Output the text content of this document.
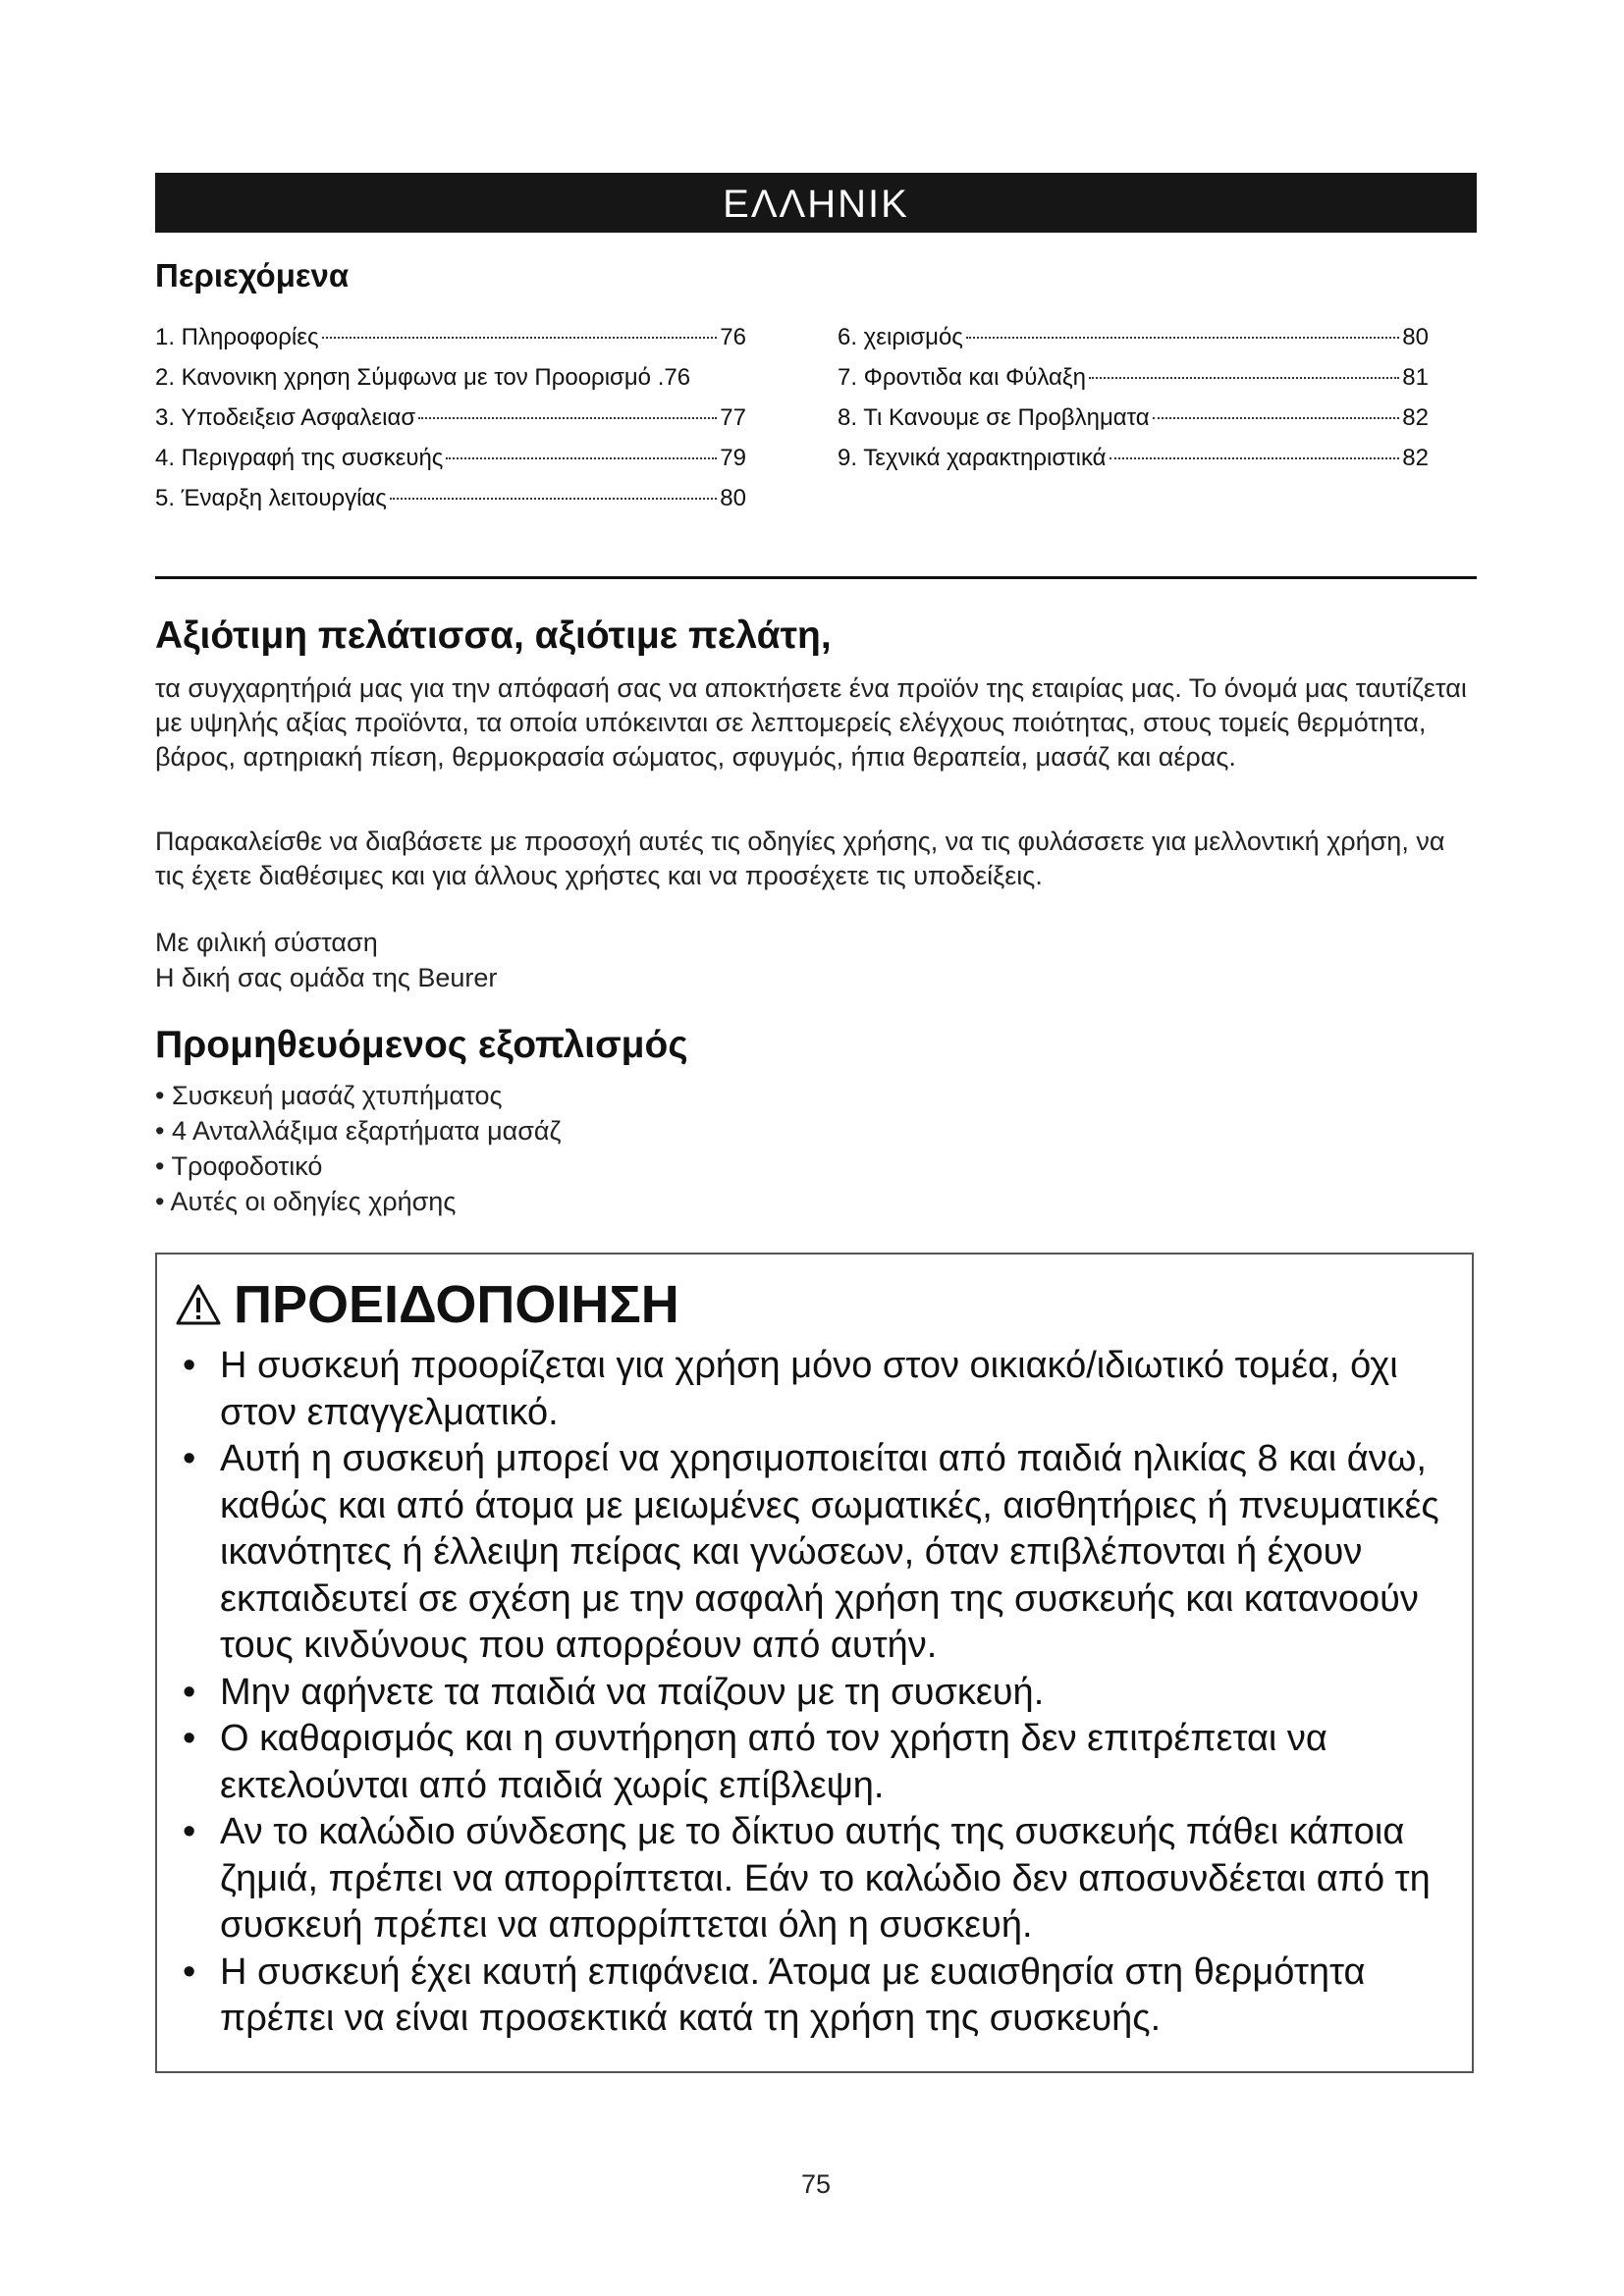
ΕΛΛΗΝΙΚ
Περιεχόμενα
1. Πληροφορίες	76
2. Κανονικη χρηση Σύμφωνα με τον Προορισμό . 76
3. Υποδειξεισ Ασφαλειασ	77
4. Περιγραφή της συσκευής	79
5. Έναρξη λειτουργίας	80
6. χειρισμός	80
7. Φροντιδα και Φύλαξη	81
8. Τι Κανουμε σε Προβληματα	82
9. Τεχνικά χαρακτηριστικά	82
Αξιότιμη πελάτισσα, αξιότιμε πελάτη,
τα συγχαρητήριά μας για την απόφασή σας να αποκτήσετε ένα προϊόν της εταιρίας μας. Το όνομά μας ταυτίζεται με υψηλής αξίας προϊόντα, τα οποία υπόκεινται σε λεπτομερείς ελέγχους ποιότητας, στους τομείς θερμότητα, βάρος, αρτηριακή πίεση, θερμοκρασία σώματος, σφυγμός, ήπια θεραπεία, μασάζ και αέρας.
Παρακαλείσθε να διαβάσετε με προσοχή αυτές τις οδηγίες χρήσης, να τις φυλάσσετε για μελλοντική χρήση, να τις έχετε διαθέσιμες και για άλλους χρήστες και να προσέχετε τις υποδείξεις.
Με φιλική σύσταση
Η δική σας ομάδα της Beurer
Προμηθευόμενος εξοπλισμός
• Συσκευή μασάζ χτυπήματος
• 4 Ανταλλάξιμα εξαρτήματα μασάζ
• Τροφοδοτικό
• Αυτές οι οδηγίες χρήσης
ΠΡΟΕΙΔΟΠΟΙΗΣΗ
• Η συσκευή προορίζεται για χρήση μόνο στον οικιακό/ιδιωτικό τομέα, όχι στον επαγγελματικό.
• Αυτή η συσκευή μπορεί να χρησιμοποιείται από παιδιά ηλικίας 8 και άνω, καθώς και από άτομα με μειωμένες σωματικές, αισθητήριες ή πνευματικές ικανότητες ή έλλειψη πείρας και γνώσεων, όταν επιβλέπονται ή έχουν εκπαιδευτεί σε σχέση με την ασφαλή χρήση της συσκευής και κατανοούν τους κινδύνους που απορρέουν από αυτήν.
• Μην αφήνετε τα παιδιά να παίζουν με τη συσκευή.
• Ο καθαρισμός και η συντήρηση από τον χρήστη δεν επιτρέπεται να εκτελούνται από παιδιά χωρίς επίβλεψη.
• Αν το καλώδιο σύνδεσης με το δίκτυο αυτής της συσκευής πάθει κάποια ζημιά, πρέπει να απορρίπτεται. Εάν το καλώδιο δεν αποσυνδέεται από τη συσκευή πρέπει να απορρίπτεται όλη η συσκευή.
• Η συσκευή έχει καυτή επιφάνεια. Άτομα με ευαισθησία στη θερμότητα πρέπει να είναι προσεκτικά κατά τη χρήση της συσκευής.
75
